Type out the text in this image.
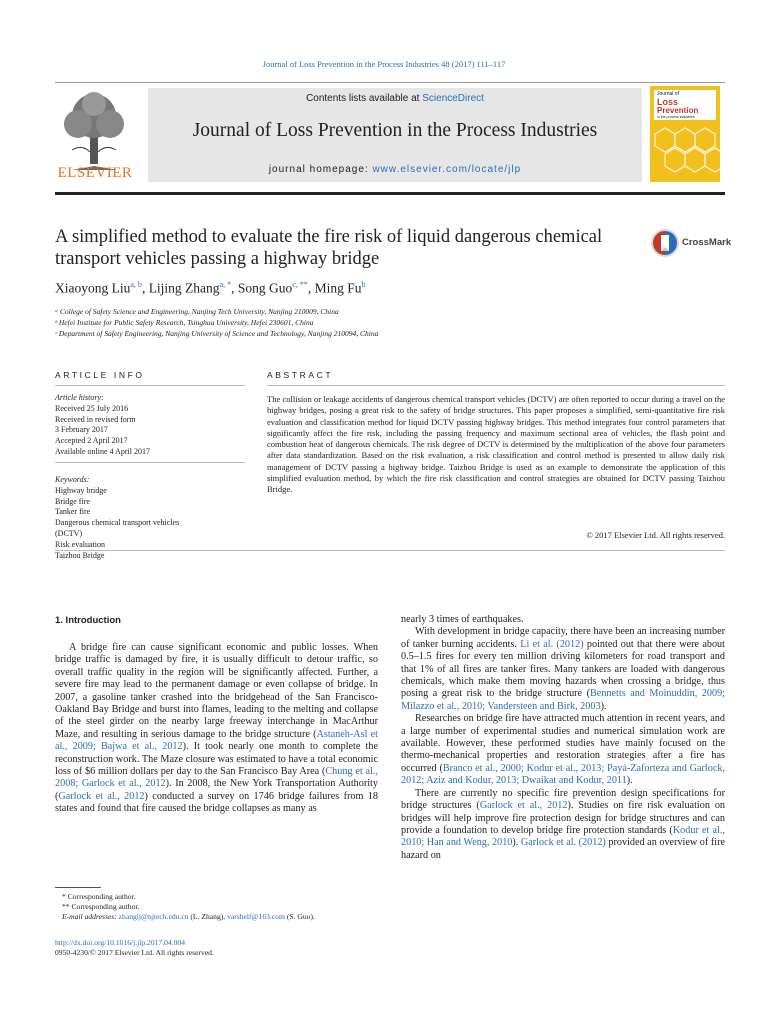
Journal of Loss Prevention in the Process Industries 48 (2017) 111–117
ELSEVIER
Contents lists available at ScienceDirect
Journal of Loss Prevention in the Process Industries
journal homepage: www.elsevier.com/locate/jlp
Journal of
Loss
Prevention
in the process industries
A simplified method to evaluate the fire risk of liquid dangerous chemical transport vehicles passing a highway bridge
CrossMark
Xiaoyong Liu$^{a, b}$, Lijing Zhang$^{a, *}$, Song Guo$^{c, **}$, Ming Fu$^b$
ᵃ College of Safety Science and Engineering, Nanjing Tech University, Nanjing 210009, China
ᵇ Hefei Institute for Public Safety Research, Tsinghua University, Hefei 230601, China
ᶜ Department of Safety Engineering, Nanjing University of Science and Technology, Nanjing 210094, China
ARTICLE INFO
Article history:
Received 25 July 2016
Received in revised form
3 February 2017
Accepted 2 April 2017
Available online 4 April 2017
Keywords:
Highway bridge
Bridge fire
Tanker fire
Dangerous chemical transport vehicles
(DCTV)
Risk evaluation
Taizhou Bridge
ABSTRACT
The collision or leakage accidents of dangerous chemical transport vehicles (DCTV) are often reported to occur during a travel on the highway bridges, posing a great risk to the safety of bridge structures. This paper proposes a simplified, semi-quantitative fire risk evaluation and classification method for liquid DCTV passing highway bridges. This method integrates four control parameters that significantly affect the fire risk, including the passing frequency and maximum sectional area of vehicles, the flash point and combustion heat of dangerous chemicals. The risk degree of DCTV is determined by the multiplication of the above four parameters after data standardization. Based on the risk evaluation, a risk classification and control method is presented to allow daily risk management of DCTV passing a highway bridge. Taizhou Bridge is used as an example to demonstrate the application of this simplified evaluation method, by which the fire risk classification and control strategies are obtained for DCTV passing Taizhou Bridge.
© 2017 Elsevier Ltd. All rights reserved.
1. Introduction

A bridge fire can cause significant economic and public losses. When bridge traffic is damaged by fire, it is usually difficult to detour traffic, so overall traffic quality in the region will be significantly affected. Further, a severe fire may lead to the permanent damage or even collapse of bridge. In 2007, a gasoline tanker crashed into the bridgehead of the San Francisco-Oakland Bay Bridge and burst into flames, leading to the melting and collapse of the steel girder on the nearby large freeway interchange in MacArthur Maze, and resulting in serious damage to the bridge structure (Astaneh-Asl et al., 2009; Bajwa et al., 2012). It took nearly one month to complete the reconstruction work. The Maze closure was estimated to have a total economic loss of $6 million dollars per day to the San Francisco Bay Area (Chung et al., 2008; Garlock et al., 2012). In 2008, the New York Transportation Authority (Garlock et al., 2012) conducted a survey on 1746 bridge failures from 18 states and found that fire caused the bridge collapses as many as

nearly 3 times of earthquakes.

With development in bridge capacity, there have been an increasing number of tanker burning accidents. Li et al. (2012) pointed out that there were about 0.5–1.5 fires for every ten million driving kilometers for road transport and that 1% of all fires are tanker fires. Many tankers are loaded with dangerous chemicals, which make them moving hazards when crossing a bridge, thus posing a great risk to the bridge structure (Bennetts and Moinuddin, 2009; Milazzo et al., 2010; Vandersteen and Birk, 2003).

Researches on bridge fire have attracted much attention in recent years, and a large number of experimental studies and numerical simulation work are available. However, these performed studies have mainly focused on the thermo-mechanical properties and restoration strategies after a fire has occurred (Branco et al., 2000; Kodur et al., 2013; Payá-Zaforteza and Garlock, 2012; Aziz and Kodur, 2013; Dwaikat and Kodur, 2011).

There are currently no specific fire prevention design specifications for bridge structures (Garlock et al., 2012). Studies on fire risk evaluation on bridges will help improve fire protection design for bridge structures and can provide a foundation to develop bridge fire protection standards (Kodur et al., 2010; Han and Weng, 2010). Garlock et al. (2012) provided an overview of fire hazard on

* Corresponding author.
** Corresponding author.
E-mail addresses: zhanglj@njtech.edu.cn (L. Zhang), varshelf@163.com (S. Guo).
http://dx.doi.org/10.1016/j.jlp.2017.04.004
0950-4230/© 2017 Elsevier Ltd. All rights reserved.
